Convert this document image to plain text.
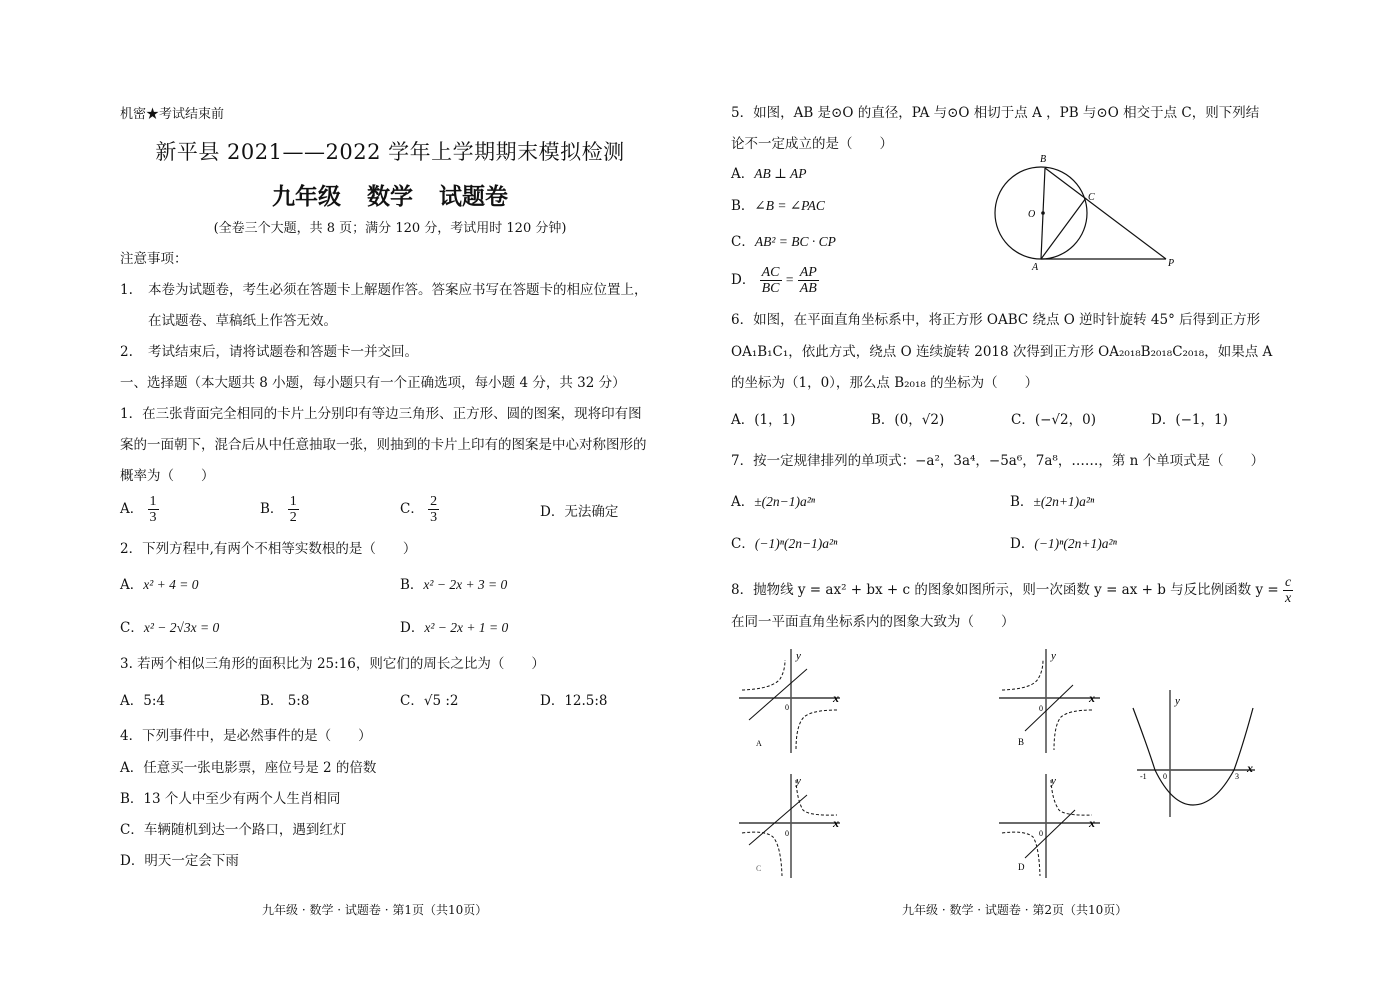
机密★考试结束前
新平县 2021——2022 学年上学期期末模拟检测
九年级 数学 试题卷
(全卷三个大题，共 8 页；满分 120 分，考试用时 120 分钟)
注意事项：
1. 本卷为试题卷，考生必须在答题卡上解题作答。答案应书写在答题卡的相应位置上，
在试题卷、草稿纸上作答无效。
2. 考试结束后，请将试题卷和答题卡一并交回。
一、选择题（本大题共 8 小题，每小题只有一个正确选项，每小题 4 分，共 32 分）
1．在三张背面完全相同的卡片上分别印有等边三角形、正方形、圆的图案，现将印有图
案的一面朝下，混合后从中任意抽取一张，则抽到的卡片上印有的图案是中心对称图形的
概率为（　　）
A． $\frac{1}{3}$	B． $\frac{1}{2}$	C． $\frac{2}{3}$	D．无法确定
2．下列方程中,有两个不相等实数根的是（　　）
A．x² + 4 = 0	B．x² − 2x + 3 = 0
C．x² − 2√3x = 0	D．x² − 2x + 1 = 0
3. 若两个相似三角形的面积比为 25:16，则它们的周长之比为（　　）
A．5:4	B． 5:8	C．√5 :2	D．12.5:8
4．下列事件中，是必然事件的是（　　）
A．任意买一张电影票，座位号是 2 的倍数
B．13 个人中至少有两个人生肖相同
C．车辆随机到达一个路口，遇到红灯
D．明天一定会下雨
九年级 · 数学 · 试题卷 · 第1页（共10页）
5．如图，AB 是⊙O 的直径，PA 与⊙O 相切于点 A ，PB 与⊙O 相交于点 C，则下列结
论不一定成立的是（　　）
A．AB ⊥ AP
B．∠B = ∠PAC
C．AB² = BC · CP
D． $\frac{AC}{BC} = \frac{AP}{AB}$
B
C
O
A	P
6．如图，在平面直角坐标系中，将正方形 OABC 绕点 O 逆时针旋转 45° 后得到正方形
OA₁B₁C₁，依此方式，绕点 O 连续旋转 2018 次得到正方形 OA₂₀₁₈B₂₀₁₈C₂₀₁₈，如果点 A
的坐标为（1，0），那么点 B₂₀₁₈ 的坐标为（　　）
A．(1，1)	B．(0，√2)	C．(−√2，0)	D．(−1，1)
7．按一定规律排列的单项式：−a²，3a⁴，−5a⁶，7a⁸，……，第 n 个单项式是（　　）
A．±(2n−1)a²ⁿ	B．±(2n+1)a²ⁿ
C．(−1)ⁿ(2n−1)a²ⁿ	D．(−1)ⁿ(2n+1)a²ⁿ
8．抛物线 y = ax² + bx + c 的图象如图所示，则一次函数 y = ax + b 与反比例函数 $y = \frac{c}{x}$
在同一平面直角坐标系内的图象大致为（　　）
y
x
0
A
y
x
0
B
y
x
0
C
y
x
0
D
y
x
0
-1	3
九年级 · 数学 · 试题卷 · 第2页（共10页）
